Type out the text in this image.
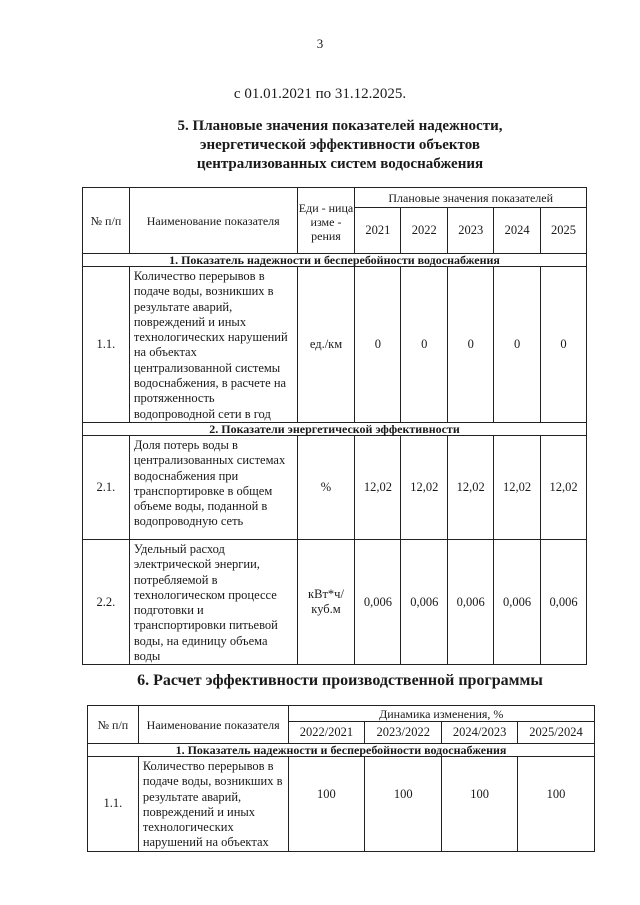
3
с 01.01.2021 по 31.12.2025.
5. Плановые значения показателей надежности, энергетической эффективности объектов централизованных систем водоснабжения
№ п/п	Наименование показателя	Еди - ница изме - рения	Плановые значения показателей				
			2021	2022	2023	2024	2025
1. Показатель надежности и бесперебойности водоснабжения							
1.1.	Количество перерывов в подаче воды, возникших в результате аварий, повреждений и иных технологических нарушений на объектах централизованной системы водоснабжения, в расчете на протяженность водопроводной сети в год	ед./км	0	0	0	0	0
2. Показатели энергетической эффективности							
2.1.	Доля потерь воды в централизованных системах водоснабжения при транспортировке в общем объеме воды, поданной в водопроводную сеть	%	12,02	12,02	12,02	12,02	12,02
2.2.	Удельный расход электрической энергии, потребляемой в технологическом процессе подготовки и транспортировки питьевой воды, на единицу объема воды	кВт*ч/ куб.м	0,006	0,006	0,006	0,006	0,006
6. Расчет эффективности производственной программы
№ п/п	Наименование показателя	Динамика изменения, %			
		2022/2021	2023/2022	2024/2023	2025/2024
1. Показатель надежности и бесперебойности водоснабжения					
1.1.	Количество перерывов в подаче воды, возникших в результате аварий, повреждений и иных технологических нарушений на объектах	100	100	100	100
